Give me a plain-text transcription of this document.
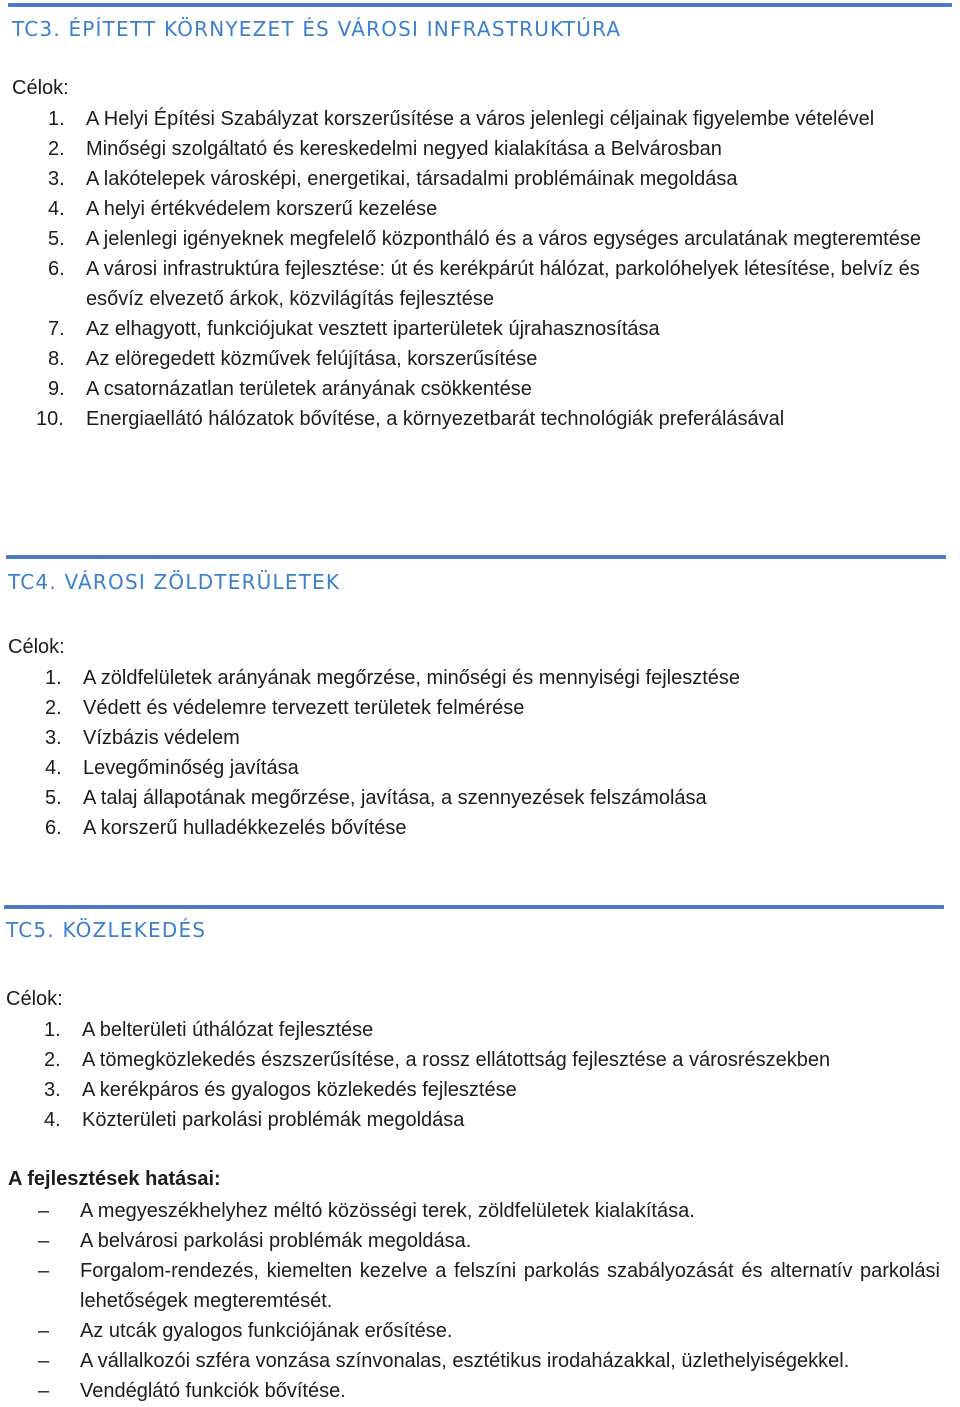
TC3. ÉPÍTETT KÖRNYEZET ÉS VÁROSI INFRASTRUKTÚRA
Célok:
1. A Helyi Építési Szabályzat korszerűsítése a város jelenlegi céljainak figyelembe vételével
2. Minőségi szolgáltató és kereskedelmi negyed kialakítása a Belvárosban
3. A lakótelepek városképi, energetikai, társadalmi problémáinak megoldása
4. A helyi értékvédelem korszerű kezelése
5. A jelenlegi igényeknek megfelelő központháló és a város egységes arculatának megteremtése
6. A városi infrastruktúra fejlesztése: út és kerékpárút hálózat, parkolóhelyek létesítése, belvíz és esővíz elvezető árkok, közvilágítás fejlesztése
7. Az elhagyott, funkciójukat vesztett iparterületek újrahasznosítása
8. Az elöregedett közművek felújítása, korszerűsítése
9. A csatornázatlan területek arányának csökkentése
10. Energiaellátó hálózatok bővítése, a környezetbarát technológiák preferálásával
TC4. VÁROSI ZÖLDTERÜLETEK
Célok:
1. A zöldfelületek arányának megőrzése, minőségi és mennyiségi fejlesztése
2. Védett és védelemre tervezett területek felmérése
3. Vízbázis védelem
4. Levegőminőség javítása
5. A talaj állapotának megőrzése, javítása, a szennyezések felszámolása
6. A korszerű hulladékkezelés bővítése
TC5. KÖZLEKEDÉS
Célok:
1. A belterületi úthálózat fejlesztése
2. A tömegközlekedés észszerűsítése, a rossz ellátottság fejlesztése a városrészekben
3. A kerékpáros és gyalogos közlekedés fejlesztése
4. Közterületi parkolási problémák megoldása
A fejlesztések hatásai:
– A megyeszékhelyhez méltó közösségi terek, zöldfelületek kialakítása.
– A belvárosi parkolási problémák megoldása.
– Forgalom-rendezés, kiemelten kezelve a felszíni parkolás szabályozását és alternatív parkolási lehetőségek megteremtését.
– Az utcák gyalogos funkciójának erősítése.
– A vállalkozói szféra vonzása színvonalas, esztétikus irodaházakkal, üzlethelyiségekkel.
– Vendéglátó funkciók bővítése.
